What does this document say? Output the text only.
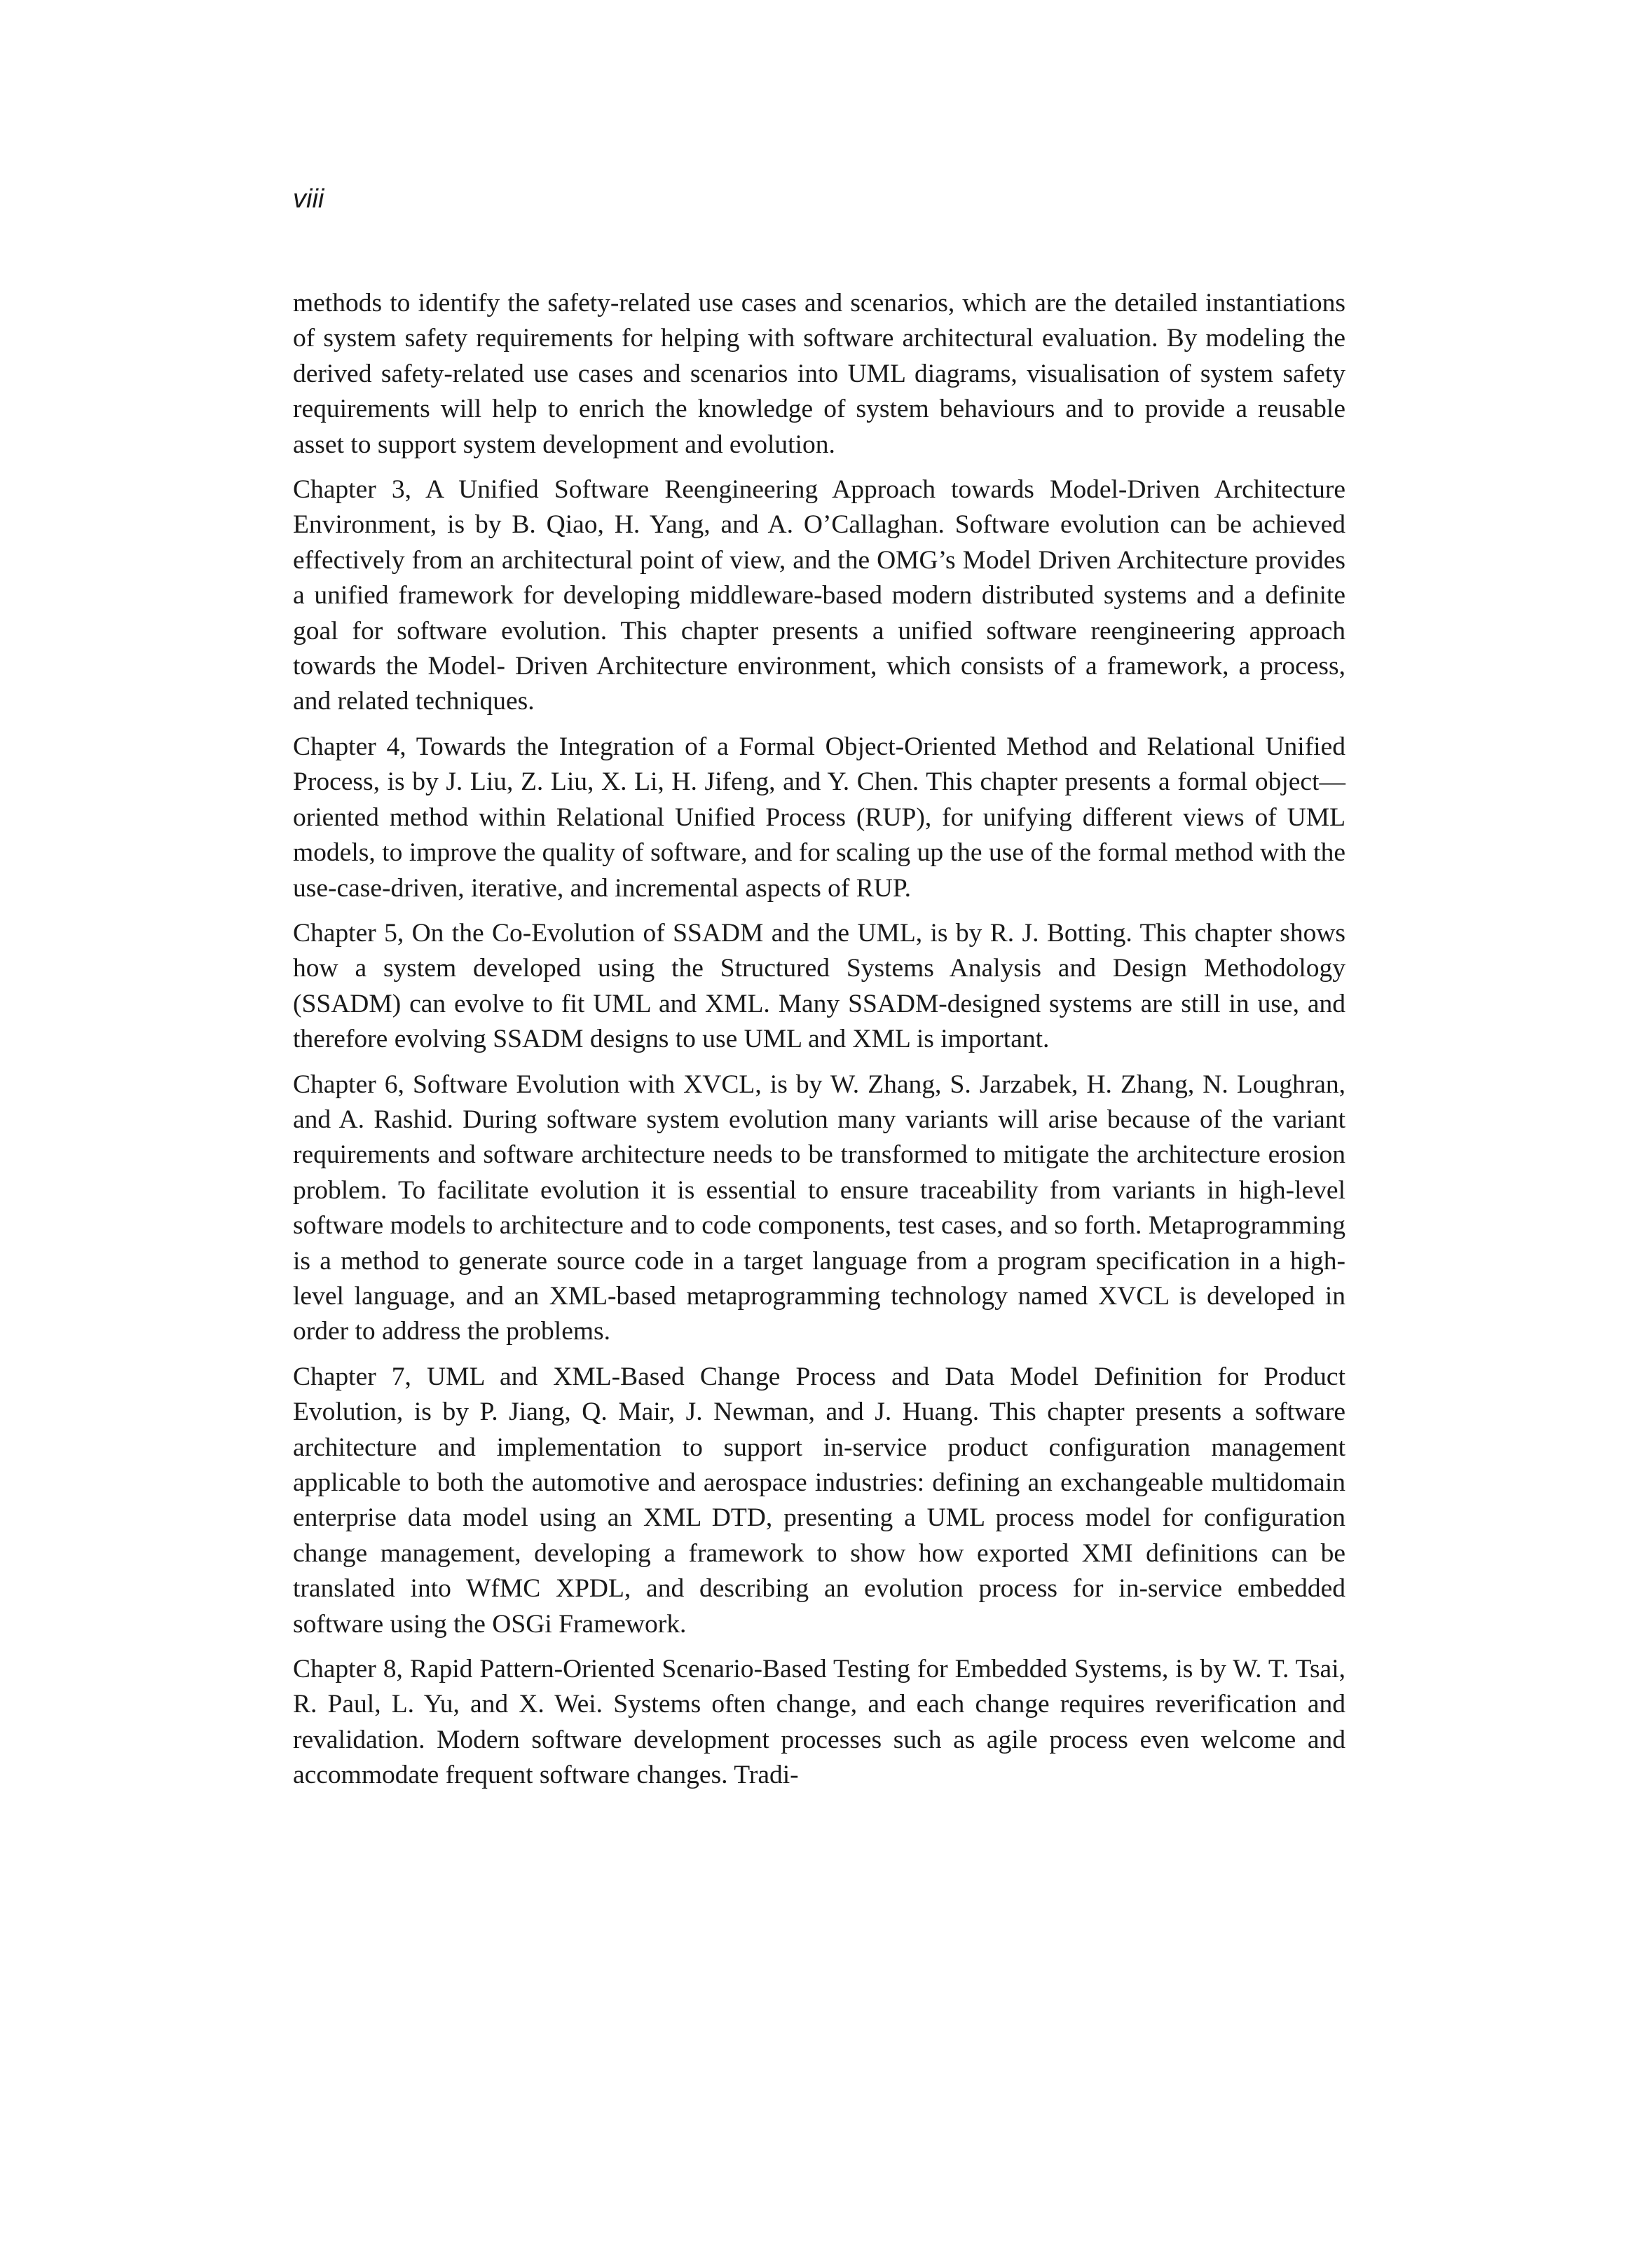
viii

methods to identify the safety-related use cases and scenarios, which are the detailed instantiations of system safety requirements for helping with software architectural evaluation. By modeling the derived safety-related use cases and scenarios into UML diagrams, visualisation of system safety requirements will help to enrich the knowledge of system behaviours and to provide a reusable asset to support system development and evolution.

Chapter 3, A Unified Software Reengineering Approach towards Model-Driven Architecture Environment, is by B. Qiao, H. Yang, and A. O’Callaghan. Software evolution can be achieved effectively from an architectural point of view, and the OMG’s Model Driven Architecture provides a unified framework for developing middleware-based modern distributed systems and a definite goal for software evolution. This chapter presents a unified software reengineering approach towards the Model- Driven Architecture environment, which consists of a framework, a process, and related techniques.

Chapter 4, Towards the Integration of a Formal Object-Oriented Method and Relational Unified Process, is by J. Liu, Z. Liu, X. Li, H. Jifeng, and Y. Chen. This chapter presents a formal object—oriented method within Relational Unified Process (RUP), for unifying different views of UML models, to improve the quality of software, and for scaling up the use of the formal method with the use-case-driven, iterative, and incremental aspects of RUP.

Chapter 5, On the Co-Evolution of SSADM and the UML, is by R. J. Botting. This chapter shows how a system developed using the Structured Systems Analysis and Design Methodology (SSADM) can evolve to fit UML and XML. Many SSADM-designed systems are still in use, and therefore evolving SSADM designs to use UML and XML is important.

Chapter 6, Software Evolution with XVCL, is by W. Zhang, S. Jarzabek, H. Zhang, N. Loughran, and A. Rashid. During software system evolution many variants will arise because of the variant requirements and software architecture needs to be transformed to mitigate the architecture erosion problem. To facilitate evolution it is essential to ensure traceability from variants in high-level software models to architecture and to code components, test cases, and so forth. Metaprogramming is a method to generate source code in a target language from a program specification in a high-level language, and an XML-based metaprogramming technology named XVCL is developed in order to address the problems.

Chapter 7, UML and XML-Based Change Process and Data Model Definition for Product Evolution, is by P. Jiang, Q. Mair, J. Newman, and J. Huang. This chapter presents a software architecture and implementation to support in-service product configuration management applicable to both the automotive and aerospace industries: defining an exchangeable multidomain enterprise data model using an XML DTD, presenting a UML process model for configuration change management, developing a framework to show how exported XMI definitions can be translated into WfMC XPDL, and describing an evolution process for in-service embedded software using the OSGi Framework.

Chapter 8, Rapid Pattern-Oriented Scenario-Based Testing for Embedded Systems, is by W. T. Tsai, R. Paul, L. Yu, and X. Wei. Systems often change, and each change requires reverification and revalidation. Modern software development processes such as agile process even welcome and accommodate frequent software changes. Tradi-
